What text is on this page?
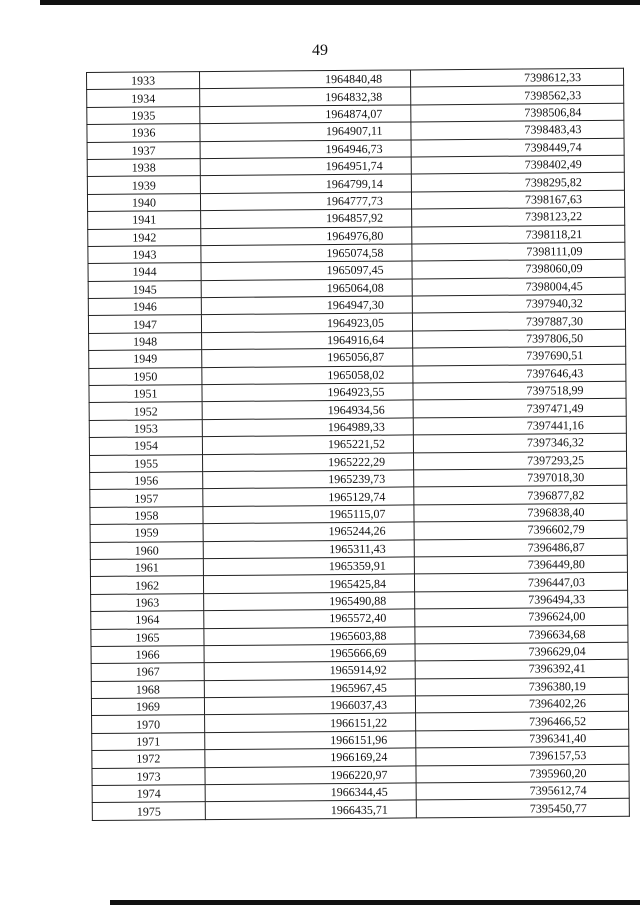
49
1933	1964840,48	7398612,33
1934	1964832,38	7398562,33
1935	1964874,07	7398506,84
1936	1964907,11	7398483,43
1937	1964946,73	7398449,74
1938	1964951,74	7398402,49
1939	1964799,14	7398295,82
1940	1964777,73	7398167,63
1941	1964857,92	7398123,22
1942	1964976,80	7398118,21
1943	1965074,58	7398111,09
1944	1965097,45	7398060,09
1945	1965064,08	7398004,45
1946	1964947,30	7397940,32
1947	1964923,05	7397887,30
1948	1964916,64	7397806,50
1949	1965056,87	7397690,51
1950	1965058,02	7397646,43
1951	1964923,55	7397518,99
1952	1964934,56	7397471,49
1953	1964989,33	7397441,16
1954	1965221,52	7397346,32
1955	1965222,29	7397293,25
1956	1965239,73	7397018,30
1957	1965129,74	7396877,82
1958	1965115,07	7396838,40
1959	1965244,26	7396602,79
1960	1965311,43	7396486,87
1961	1965359,91	7396449,80
1962	1965425,84	7396447,03
1963	1965490,88	7396494,33
1964	1965572,40	7396624,00
1965	1965603,88	7396634,68
1966	1965666,69	7396629,04
1967	1965914,92	7396392,41
1968	1965967,45	7396380,19
1969	1966037,43	7396402,26
1970	1966151,22	7396466,52
1971	1966151,96	7396341,40
1972	1966169,24	7396157,53
1973	1966220,97	7395960,20
1974	1966344,45	7395612,74
1975	1966435,71	7395450,77
